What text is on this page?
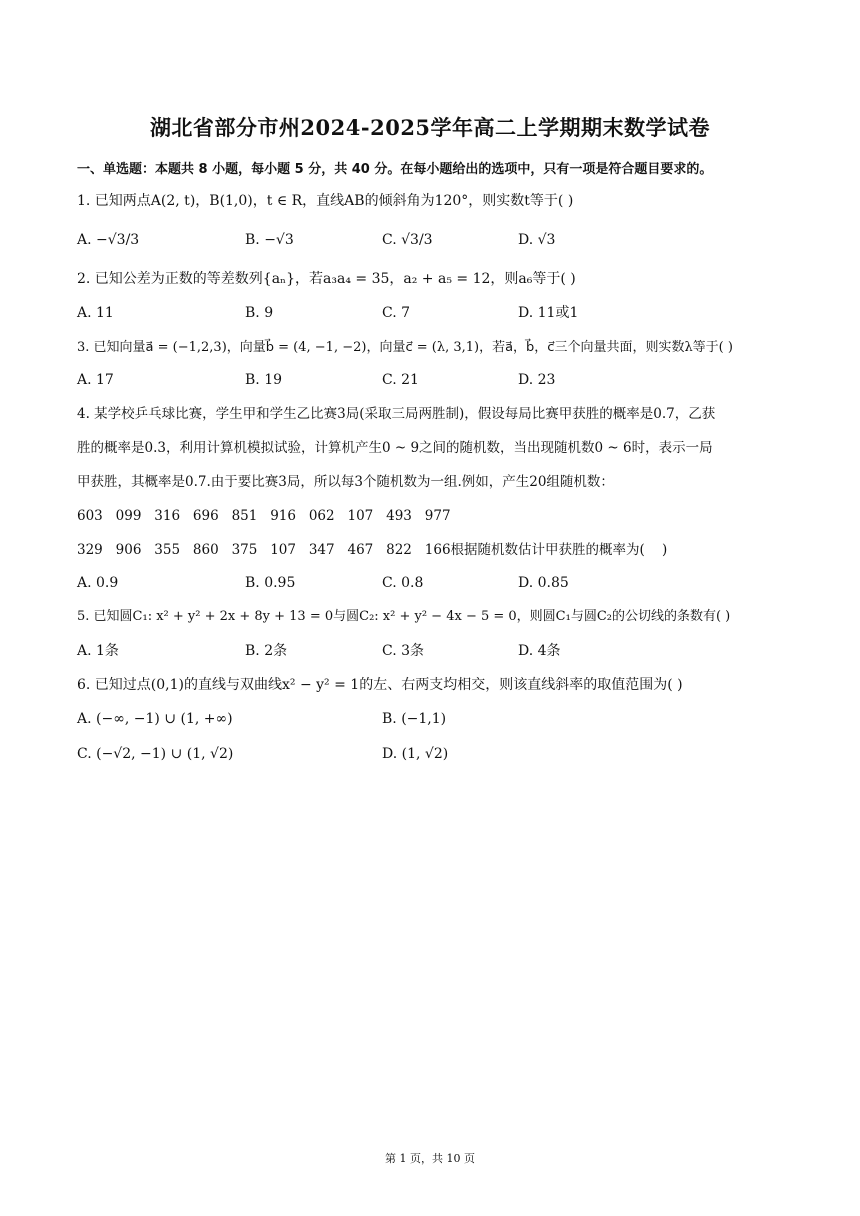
湖北省部分市州2024-2025学年高二上学期期末数学试卷
一、单选题：本题共 8 小题，每小题 5 分，共 40 分。在每小题给出的选项中，只有一项是符合题目要求的。
1. 已知两点A(2, t)，B(1,0)，t ∈ R，直线AB的倾斜角为120°，则实数t等于( )
A. −√3/3	B. −√3	C. √3/3	D. √3
2. 已知公差为正数的等差数列{aₙ}，若a₃a₄ = 35，a₂ + a₅ = 12，则a₆等于( )
A. 11	B. 9	C. 7	D. 11或1
3. 已知向量a⃗ = (−1,2,3)，向量b⃗ = (4, −1, −2)，向量c⃗ = (λ, 3,1)，若a⃗，b⃗，c⃗三个向量共面，则实数λ等于( )
A. 17	B. 19	C. 21	D. 23
4. 某学校乒乓球比赛，学生甲和学生乙比赛3局(采取三局两胜制)，假设每局比赛甲获胜的概率是0.7，乙获
胜的概率是0.3，利用计算机模拟试验，计算机产生0 ~ 9之间的随机数，当出现随机数0 ~ 6时，表示一局
甲获胜，其概率是0.7.由于要比赛3局，所以每3个随机数为一组.例如，产生20组随机数：
603   099   316   696   851   916   062   107   493   977
329   906   355   860   375   107   347   467   822   166根据随机数估计甲获胜的概率为(    )
A. 0.9	B. 0.95	C. 0.8	D. 0.85
5. 已知圆C₁: x² + y² + 2x + 8y + 13 = 0与圆C₂: x² + y² − 4x − 5 = 0，则圆C₁与圆C₂的公切线的条数有( )
A. 1条	B. 2条	C. 3条	D. 4条
6. 已知过点(0,1)的直线与双曲线x² − y² = 1的左、右两支均相交，则该直线斜率的取值范围为( )
A. (−∞, −1) ∪ (1, +∞)	B. (−1,1)
C. (−√2, −1) ∪ (1, √2)	D. (1, √2)
第 1 页，共 10 页
